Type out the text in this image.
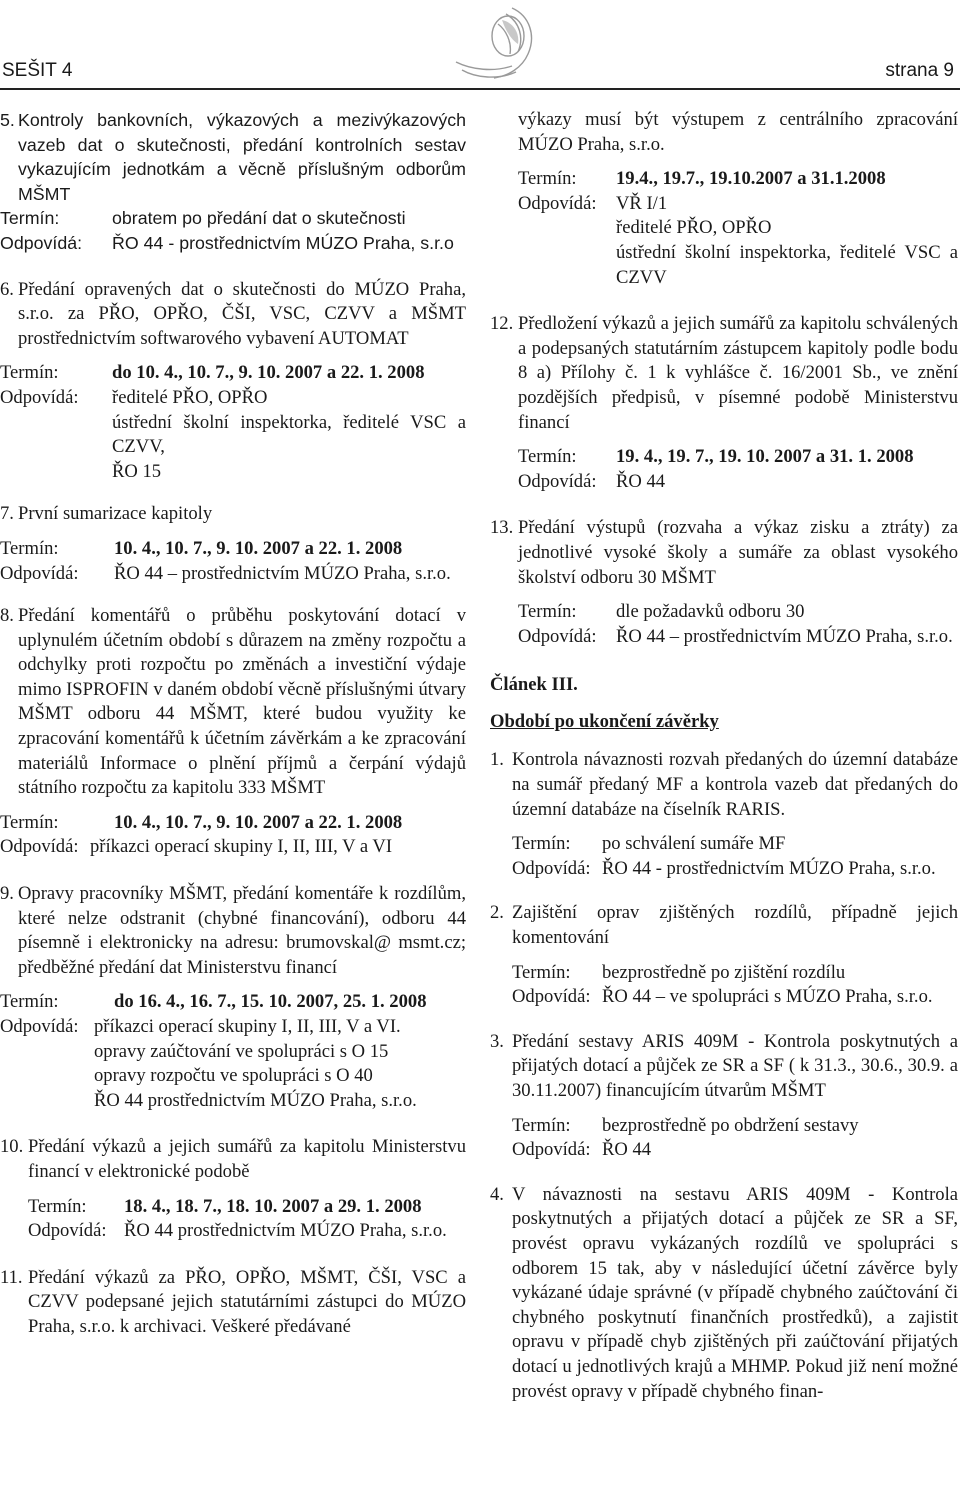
SEŠIT 4	strana 9
5. Kontroly bankovních, výkazových a mezivýkazových vazeb dat o skutečnosti, předání kontrolních sestav vykazujícím jednotkám a věcně příslušným odborům MŠMT
Termín:	obratem po předání dat o skutečnosti
Odpovídá:	ŘO 44 - prostřednictvím MÚZO Praha, s.r.o
6. Předání opravených dat o skutečnosti do MÚZO Praha, s.r.o. za PŘO, OPŘO, ČŠI, VSC, CZVV a MŠMT prostřednictvím softwarového vybavení AUTOMAT
Termín:	do 10. 4., 10. 7., 9. 10. 2007 a 22. 1. 2008
Odpovídá:	ředitelé PŘO, OPŘO
ústřední školní inspektorka, ředitelé VSC a CZVV,
ŘO 15
7. První sumarizace kapitoly
Termín:	10. 4., 10. 7., 9. 10. 2007 a 22. 1. 2008
Odpovídá:	ŘO 44 – prostřednictvím MÚZO Praha, s.r.o.
8. Předání komentářů o průběhu poskytování dotací v uplynulém účetním období s důrazem na změny rozpočtu a odchylky proti rozpočtu po změnách a investiční výdaje mimo ISPROFIN v daném období věcně příslušnými útvary MŠMT odboru 44 MŠMT, které budou využity ke zpracování komentářů k účetním závěrkám a ke zpracování materiálů Informace o plnění příjmů a čerpání výdajů státního rozpočtu za kapitolu 333 MŠMT
Termín:	10. 4., 10. 7., 9. 10. 2007 a 22. 1. 2008
Odpovídá: příkazci operací skupiny I, II, III, V a VI
9. Opravy pracovníky MŠMT, předání komentáře k rozdílům, které nelze odstranit (chybné financování), odboru 44 písemně i elektronicky na adresu: brumovskal@ msmt.cz; předběžné předání dat Ministerstvu financí
Termín:	do 16. 4., 16. 7., 15. 10. 2007, 25. 1. 2008
Odpovídá: příkazci operací skupiny I, II, III, V a VI.
opravy zaúčtování ve spolupráci s O 15
opravy rozpočtu ve spolupráci s O 40
ŘO 44 prostřednictvím MÚZO Praha, s.r.o.
10. Předání výkazů a jejich sumářů za kapitolu Ministerstvu financí v elektronické podobě
Termín:	18. 4., 18. 7., 18. 10. 2007 a 29. 1. 2008
Odpovídá: ŘO 44 prostřednictvím MÚZO Praha, s.r.o.
11. Předání výkazů za PŘO, OPŘO, MŠMT, ČŠI, VSC a CZVV podepsané jejich statutárními zástupci do MÚZO Praha, s.r.o. k archivaci. Veškeré předávané
výkazy musí být výstupem z centrálního zpracování MÚZO Praha, s.r.o.
Termín:	19.4., 19.7., 19.10.2007 a 31.1.2008
Odpovídá:	VŘ I/1
ředitelé PŘO, OPŘO
ústřední školní inspektorka, ředitelé VSC a CZVV
12. Předložení výkazů a jejich sumářů za kapitolu schválených a podepsaných statutárním zástupcem kapitoly podle bodu 8 a) Přílohy č. 1 k vyhlášce č. 16/2001 Sb., ve znění pozdějších předpisů, v písemné podobě Ministerstvu financí
Termín:	19. 4., 19. 7., 19. 10. 2007 a 31. 1. 2008
Odpovídá:	ŘO 44
13. Předání výstupů (rozvaha a výkaz zisku a ztráty) za jednotlivé vysoké školy a sumáře za oblast vysokého školství odboru 30 MŠMT
Termín:	dle požadavků odboru 30
Odpovídá:	ŘO 44 – prostřednictvím MÚZO Praha, s.r.o.
Článek III.
Období po ukončení závěrky
1. Kontrola návaznosti rozvah předaných do územní databáze na sumář předaný MF a kontrola vazeb dat předaných do územní databáze na číselník RARIS.
Termín:	po schválení sumáře MF
Odpovídá: ŘO 44 - prostřednictvím MÚZO Praha, s.r.o.
2. Zajištění oprav zjištěných rozdílů, případně jejich komentování
Termín:	bezprostředně po zjištění rozdílu
Odpovídá: ŘO 44 – ve spolupráci s MÚZO Praha, s.r.o.
3. Předání sestavy ARIS 409M - Kontrola poskytnutých a přijatých dotací a půjček ze SR a SF ( k 31.3., 30.6., 30.9. a 30.11.2007) financujícím útvarům MŠMT
Termín:	bezprostředně po obdržení sestavy
Odpovídá: ŘO 44
4. V návaznosti na sestavu ARIS 409M - Kontrola poskytnutých a přijatých dotací a půjček ze SR a SF, provést opravu vykázaných rozdílů ve spolupráci s odborem 15 tak, aby v následující účetní závěrce byly vykázané údaje správné (v případě chybného zaúčtování či chybného poskytnutí finančních prostředků), a zajistit opravu v případě chyb zjištěných při zaúčtování přijatých dotací u jednotlivých krajů a MHMP. Pokud již není možné provést opravy v případě chybného finan-
